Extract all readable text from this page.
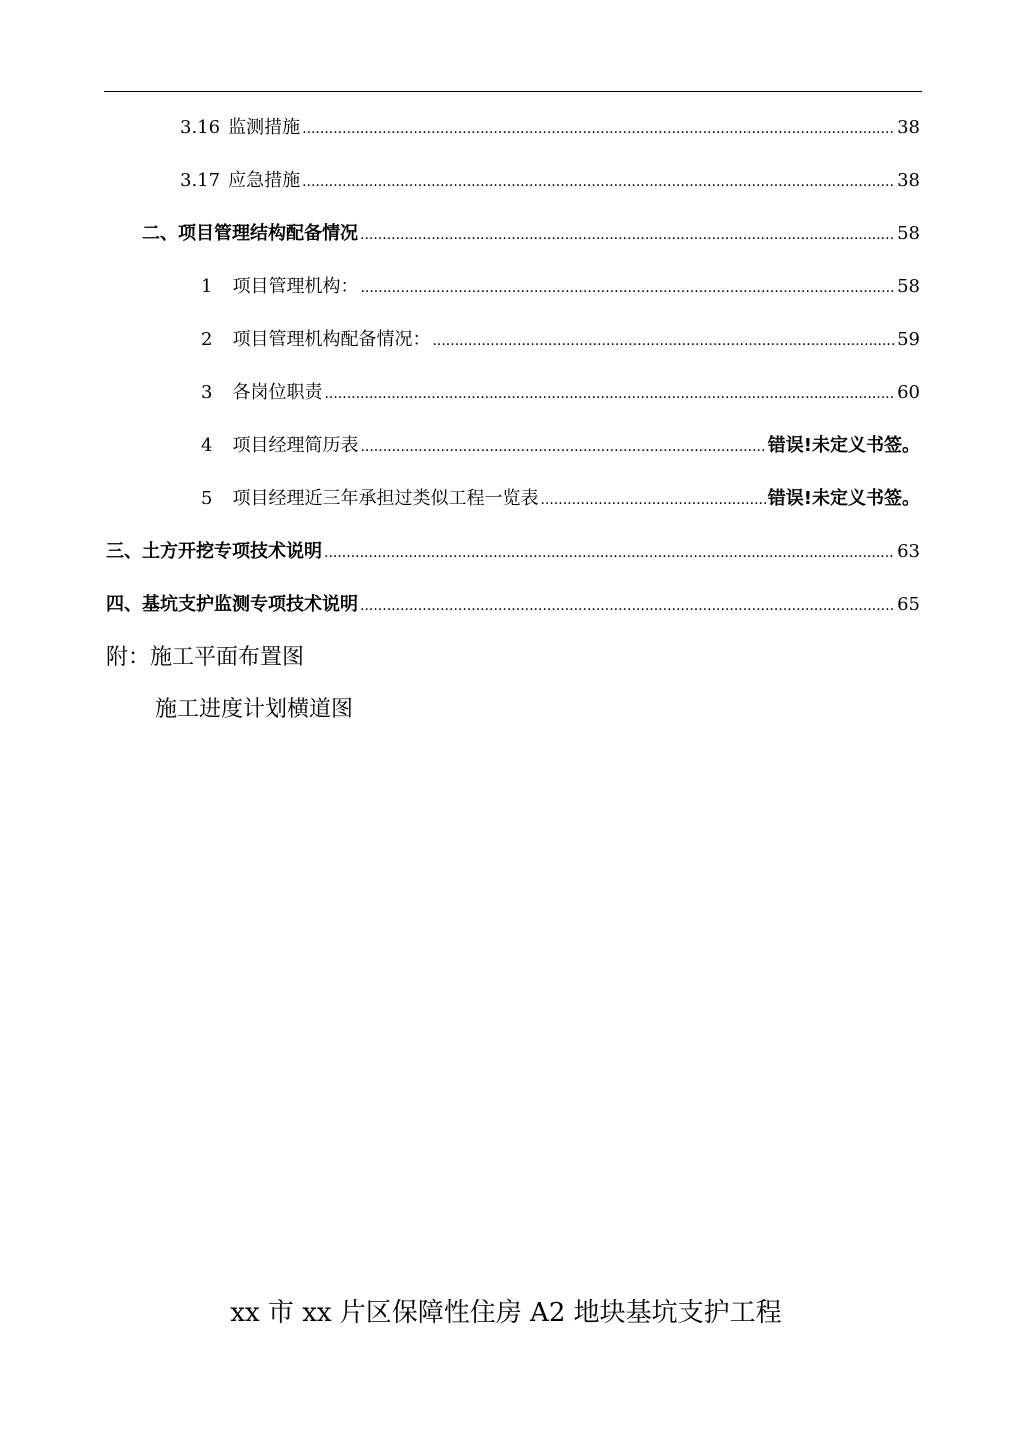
3.16 监测措施 .....	38
3.17 应急措施 .....	38
二、项目管理结构配备情况 .....	58
1 项目管理机构： .....	58
2 项目管理机构配备情况： .....	59
3 各岗位职责 .....	60
4 项目经理简历表 .....	错误!未定义书签。
5 项目经理近三年承担过类似工程一览表 .....	错误!未定义书签。
三、土方开挖专项技术说明 .....	63
四、基坑支护监测专项技术说明 .....	65
附：施工平面布置图
施工进度计划横道图
xx 市 xx 片区保障性住房 A2 地块基坑支护工程
